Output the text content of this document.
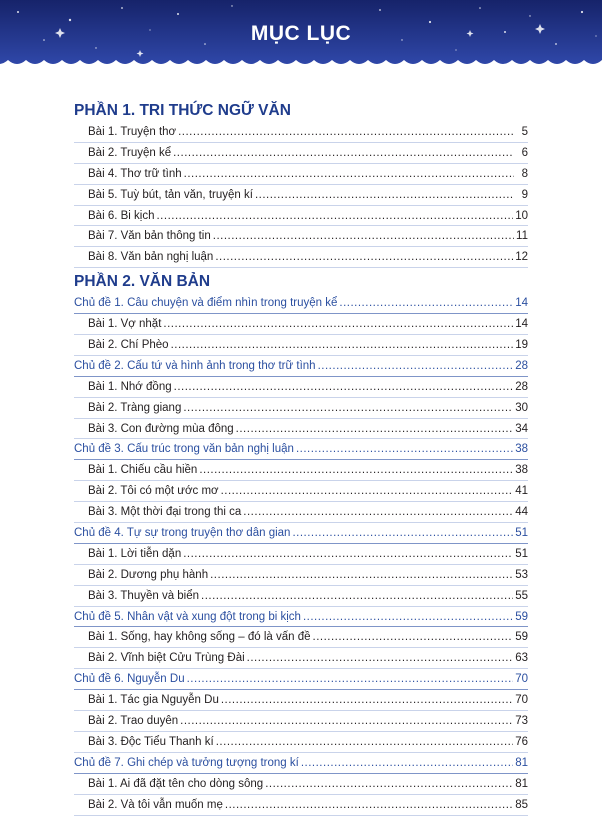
MỤC LỤC
PHẦN 1. TRI THỨC NGỮ VĂN
Bài 1. Truyện thơ .....	5
Bài 2. Truyện kể .....	6
Bài 4. Thơ trữ tình .....	8
Bài 5. Tuỳ bút, tản văn, truyện kí .....	9
Bài 6. Bi kịch .....	10
Bài 7. Văn bản thông tin .....	11
Bài 8. Văn bản nghị luận .....	12
PHẦN 2. VĂN BẢN
Chủ đề 1. Câu chuyện và điểm nhìn trong truyện kể .....	14
Bài 1. Vợ nhặt .....	14
Bài 2. Chí Phèo .....	19
Chủ đề 2. Cấu tứ và hình ảnh trong thơ trữ tình .....	28
Bài 1. Nhớ đồng .....	28
Bài 2. Tràng giang .....	30
Bài 3. Con đường mùa đông .....	34
Chủ đề 3. Cấu trúc trong văn bản nghị luận .....	38
Bài 1. Chiếu cầu hiền .....	38
Bài 2. Tôi có một ước mơ .....	41
Bài 3. Một thời đại trong thi ca .....	44
Chủ đề 4. Tự sự trong truyện thơ dân gian .....	51
Bài 1. Lời tiễn dặn .....	51
Bài 2. Dương phụ hành .....	53
Bài 3. Thuyền và biển .....	55
Chủ đề 5. Nhân vật và xung đột trong bi kịch .....	59
Bài 1. Sống, hay không sống – đó là vấn đề .....	59
Bài 2. Vĩnh biệt Cửu Trùng Đài .....	63
Chủ đề 6. Nguyễn Du .....	70
Bài 1. Tác gia Nguyễn Du .....	70
Bài 2. Trao duyên .....	73
Bài 3. Độc Tiểu Thanh kí .....	76
Chủ đề 7. Ghi chép và tưởng tượng trong kí .....	81
Bài 1. Ai đã đặt tên cho dòng sông .....	81
Bài 2. Và tôi vẫn muốn mẹ .....	85
